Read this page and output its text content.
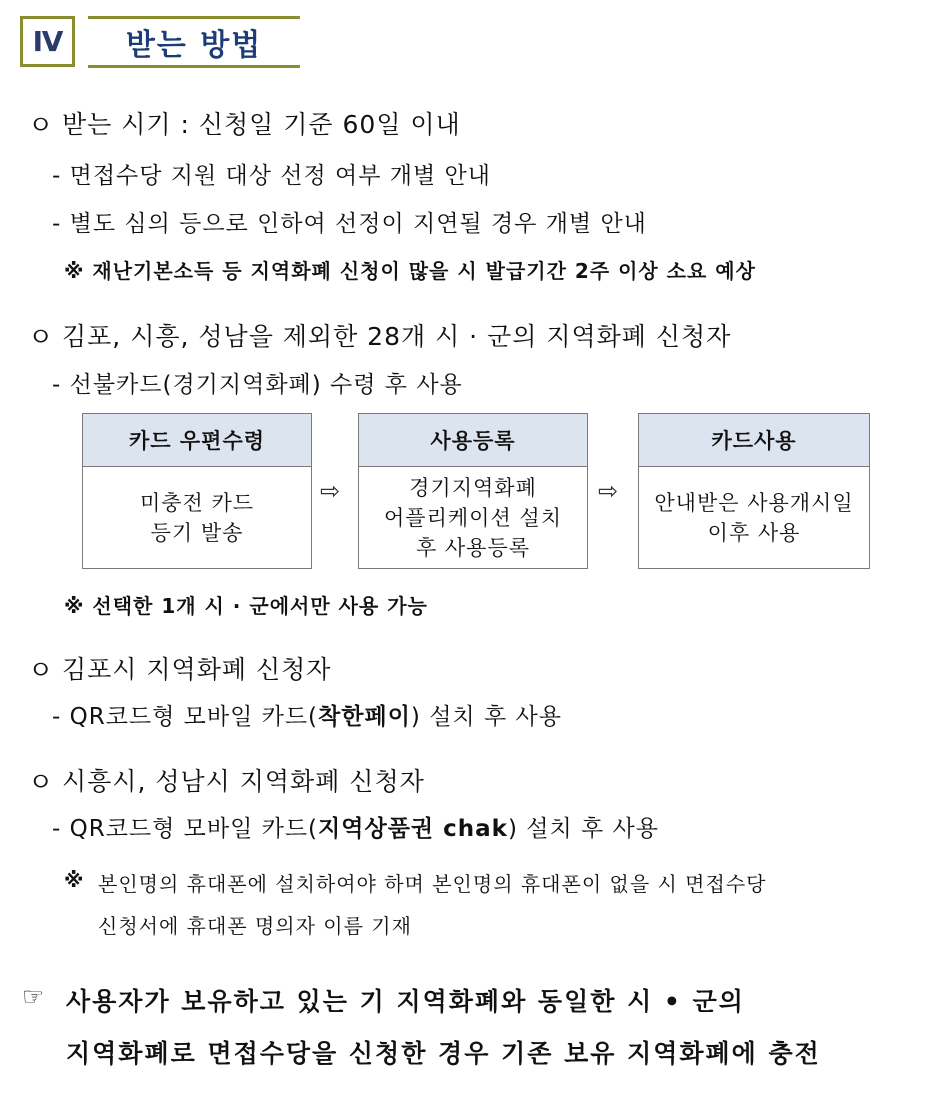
Ⅳ	받는 방법
ㅇ 받는 시기 : 신청일 기준 60일 이내
- 면접수당 지원 대상 선정 여부 개별 안내
- 별도 심의 등으로 인하여 선정이 지연될 경우 개별 안내
※ 재난기본소득 등 지역화폐 신청이 많을 시 발급기간 2주 이상 소요 예상
ㅇ 김포, 시흥, 성남을 제외한 28개 시 · 군의 지역화폐 신청자
- 선불카드(경기지역화폐) 수령 후 사용
카드 우편수령
미충전 카드
등기 발송
⇨
사용등록
경기지역화폐
어플리케이션 설치
후 사용등록
⇨
카드사용
안내받은 사용개시일
이후 사용
※ 선택한 1개 시 · 군에서만 사용 가능
ㅇ 김포시 지역화폐 신청자
- QR코드형 모바일 카드(착한페이) 설치 후 사용
ㅇ 시흥시, 성남시 지역화폐 신청자
- QR코드형 모바일 카드(지역상품권 chak) 설치 후 사용
※ 본인명의 휴대폰에 설치하여야 하며 본인명의 휴대폰이 없을 시 면접수당
신청서에 휴대폰 명의자 이름 기재
☞ 사용자가 보유하고 있는 기 지역화폐와 동일한 시 • 군의
지역화폐로 면접수당을 신청한 경우 기존 보유 지역화폐에 충전
